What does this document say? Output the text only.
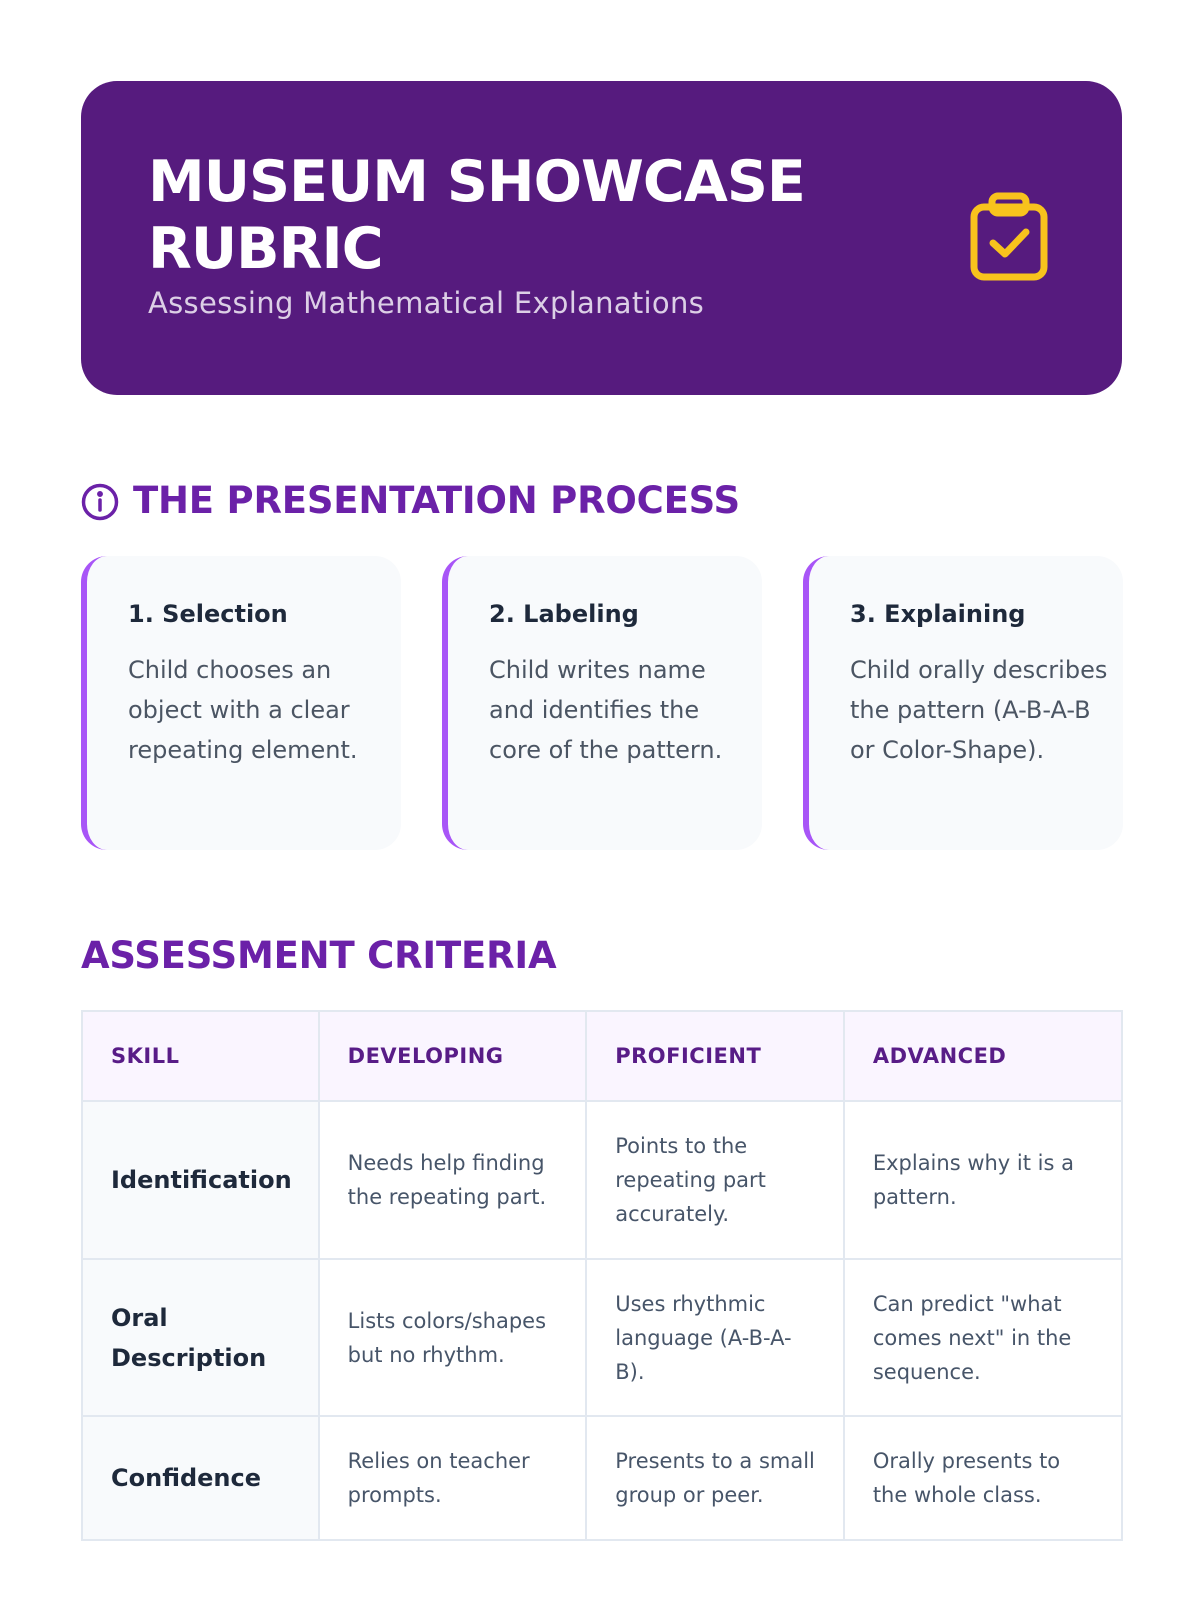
MUSEUM SHOWCASE RUBRIC
Assessing Mathematical Explanations
THE PRESENTATION PROCESS
1. Selection

Child chooses an object with a clear repeating element.

2. Labeling

Child writes name and identifies the core of the pattern.

3. Explaining

Child orally describes the pattern (A-B-A-B or Color-Shape).

ASSESSMENT CRITERIA
SKILL	DEVELOPING	PROFICIENT	ADVANCED
Identification	Needs help finding the repeating part.	Points to the repeating part accurately.	Explains why it is a pattern.
Oral Description	Lists colors/shapes but no rhythm.	Uses rhythmic language (A-B-A-B).	Can predict "what comes next" in the sequence.
Confidence	Relies on teacher prompts.	Presents to a small group or peer.	Orally presents to the whole class.
